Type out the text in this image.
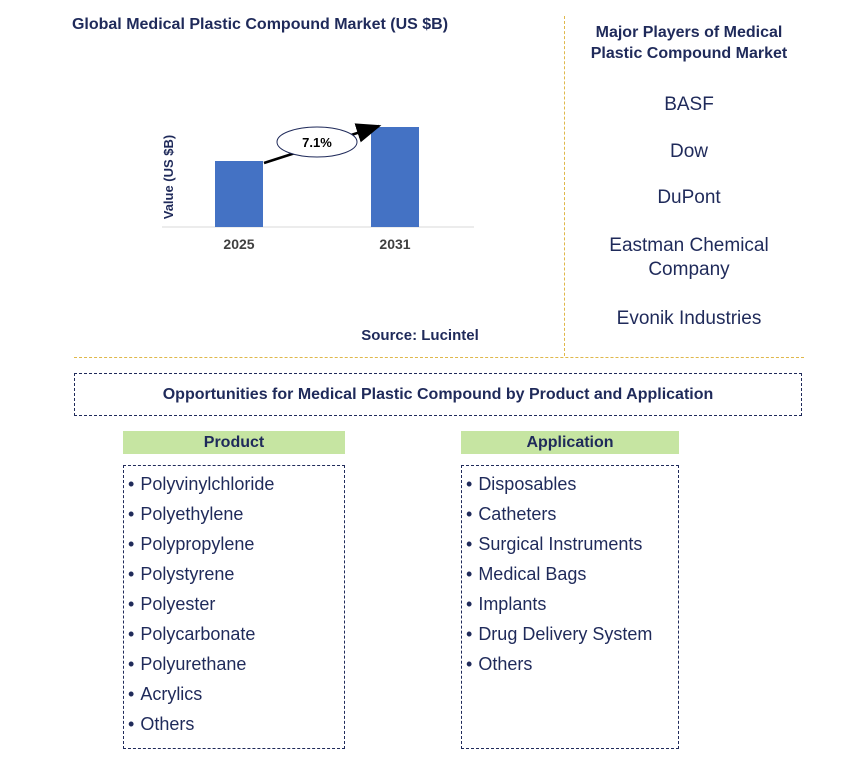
Global Medical Plastic Compound Market (US $B)
Value (US $B)
2025	2031
7.1%
Source: Lucintel
Major Players of Medical Plastic Compound Market
BASF
Dow
DuPont
Eastman Chemical Company
Evonik Industries
Opportunities for Medical Plastic Compound by Product and Application
Product
• Polyvinylchloride
• Polyethylene
• Polypropylene
• Polystyrene
• Polyester
• Polycarbonate
• Polyurethane
• Acrylics
• Others
Application
• Disposables
• Catheters
• Surgical Instruments
• Medical Bags
• Implants
• Drug Delivery System
• Others
